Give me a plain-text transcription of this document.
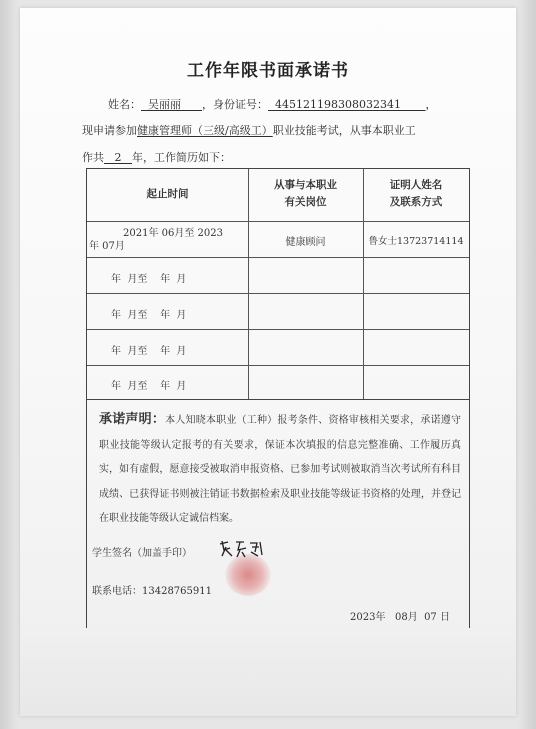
工作年限书面承诺书
姓名： 吴丽丽 ，身份证号： 445121198308032341 ，
现申请参加健康管理师（三级/高级工）职业技能考试，从事本职业工
作共 2 年，工作简历如下：
起止时间
从事与本职业
有关岗位
证明人姓名
及联系方式
2021年 06月至 2023
年 07月	健康顾问	鲁女士13723714114
年  月至    年  月
年  月至    年  月
年  月至    年  月
年  月至    年  月
承诺声明：本人知晓本职业（工种）报考条件、资格审核相关要求，承诺遵守职业技能等级认定报考的有关要求，保证本次填报的信息完整准确、工作履历真实，如有虚假，愿意接受被取消申报资格、已参加考试则被取消当次考试所有科目成绩、已获得证书则被注销证书数据检索及职业技能等级证书资格的处理，并登记在职业技能等级认定诚信档案。
学生签名（加盖手印）
联系电话：13428765911
2023年   08月  07 日
